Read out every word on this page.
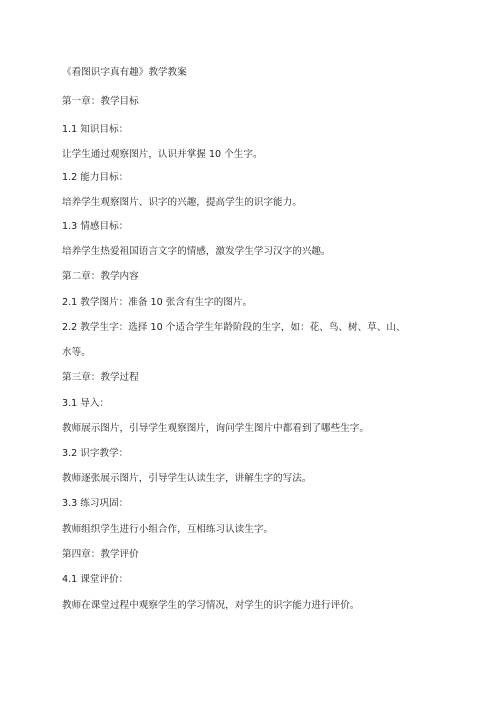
《看图识字真有趣》教学教案
第一章：教学目标
1.1 知识目标：
让学生通过观察图片，认识并掌握 10 个生字。
1.2 能力目标：
培养学生观察图片、识字的兴趣，提高学生的识字能力。
1.3 情感目标：
培养学生热爱祖国语言文字的情感，激发学生学习汉字的兴趣。
第二章：教学内容
2.1 教学图片：准备 10 张含有生字的图片。
2.2 教学生字：选择 10 个适合学生年龄阶段的生字，如：花、鸟、树、草、山、
水等。
第三章：教学过程
3.1 导入：
教师展示图片，引导学生观察图片，询问学生图片中都看到了哪些生字。
3.2 识字教学：
教师逐张展示图片，引导学生认读生字，讲解生字的写法。
3.3 练习巩固：
教师组织学生进行小组合作，互相练习认读生字。
第四章：教学评价
4.1 课堂评价：
教师在课堂过程中观察学生的学习情况，对学生的识字能力进行评价。
